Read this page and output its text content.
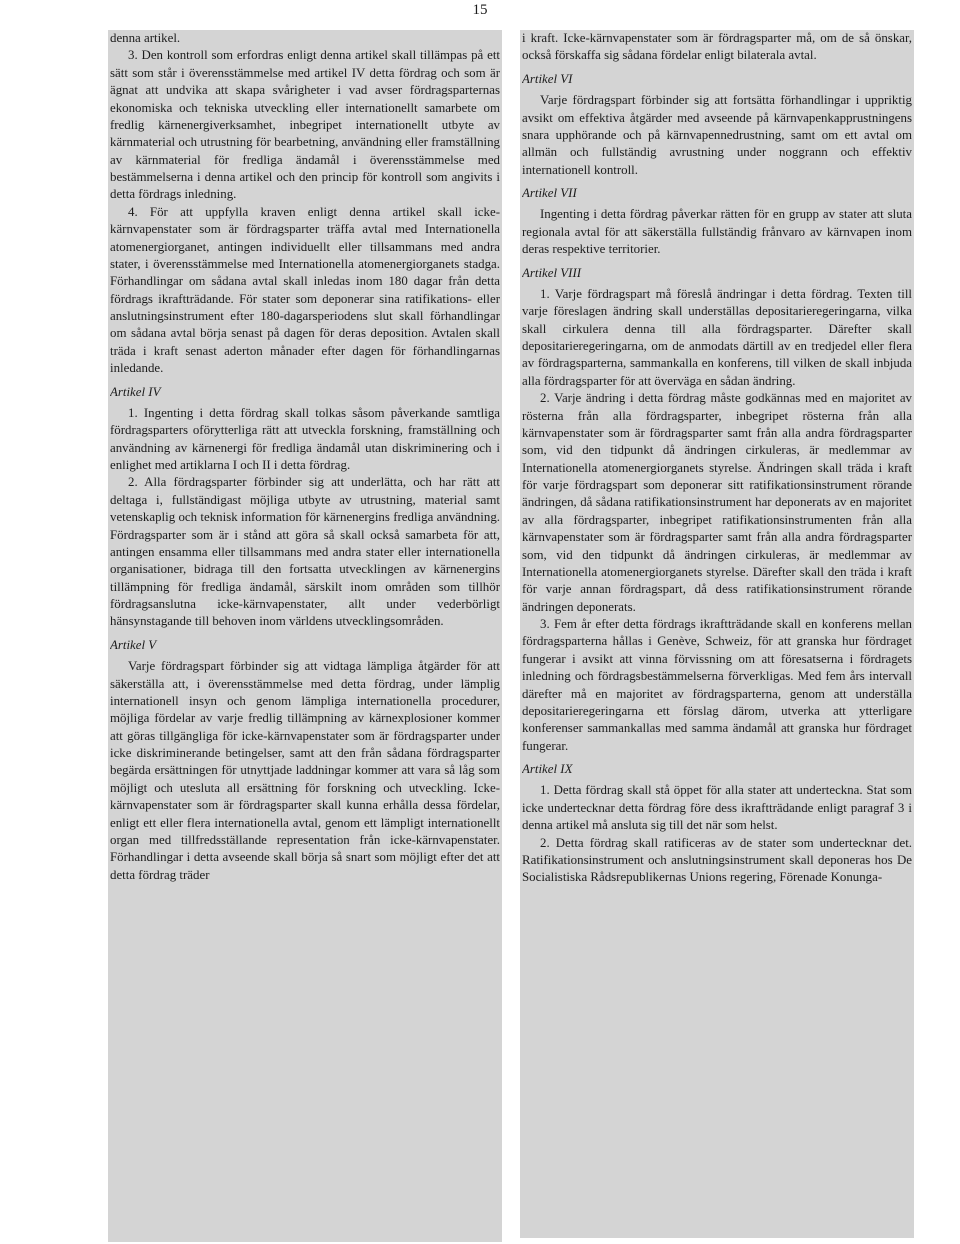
15

denna artikel.

3. Den kontroll som erfordras enligt denna artikel skall tillämpas på ett sätt som står i överensstämmelse med artikel IV detta fördrag och som är ägnat att undvika att skapa svårigheter i vad avser fördragsparternas ekonomiska och tekniska utveckling eller internationellt samarbete om fredlig kärnenergiverksamhet, inbegripet internationellt utbyte av kärnmaterial och utrustning för bearbetning, användning eller framställning av kärnmaterial för fredliga ändamål i överensstämmelse med bestämmelserna i denna artikel och den princip för kontroll som angivits i detta fördrags inledning.

4. För att uppfylla kraven enligt denna artikel skall icke-kärnvapenstater som är fördragsparter träffa avtal med Internationella atomenergiorganet, antingen individuellt eller tillsammans med andra stater, i överensstämmelse med Internationella atomenergiorganets stadga. Förhandlingar om sådana avtal skall inledas inom 180 dagar från detta fördrags ikraftträdande. För stater som deponerar sina ratifikations- eller anslutningsinstrument efter 180-dagarsperiodens slut skall förhandlingar om sådana avtal börja senast på dagen för deras deposition. Avtalen skall träda i kraft senast aderton månader efter dagen för förhandlingarnas inledande.

Artikel IV

1. Ingenting i detta fördrag skall tolkas såsom påverkande samtliga fördragsparters oförytterliga rätt att utveckla forskning, framställning och användning av kärnenergi för fredliga ändamål utan diskriminering och i enlighet med artiklarna I och II i detta fördrag.

2. Alla fördragsparter förbinder sig att underlätta, och har rätt att deltaga i, fullständigast möjliga utbyte av utrustning, material samt vetenskaplig och teknisk information för kärnenergins fredliga användning. Fördragsparter som är i stånd att göra så skall också samarbeta för att, antingen ensamma eller tillsammans med andra stater eller internationella organisationer, bidraga till den fortsatta utvecklingen av kärnenergins tillämpning för fredliga ändamål, särskilt inom områden som tillhör fördragsanslutna icke-kärnvapenstater, allt under vederbörligt hänsynstagande till behoven inom världens utvecklingsområden.

Artikel V

Varje fördragspart förbinder sig att vidtaga lämpliga åtgärder för att säkerställa att, i överensstämmelse med detta fördrag, under lämplig internationell insyn och genom lämpliga internationella procedurer, möjliga fördelar av varje fredlig tillämpning av kärnexplosioner kommer att göras tillgängliga för icke-kärnvapenstater som är fördragsparter under icke diskriminerande betingelser, samt att den från sådana fördragsparter begärda ersättningen för utnyttjade laddningar kommer att vara så låg som möjligt och utesluta all ersättning för forskning och utveckling. Icke-kärnvapenstater som är fördragsparter skall kunna erhålla dessa fördelar, enligt ett eller flera internationella avtal, genom ett lämpligt internationellt organ med tillfredsställande representation från icke-kärnvapenstater. Förhandlingar i detta avseende skall börja så snart som möjligt efter det att detta fördrag träder

i kraft. Icke-kärnvapenstater som är fördragsparter må, om de så önskar, också förskaffa sig sådana fördelar enligt bilaterala avtal.

Artikel VI

Varje fördragspart förbinder sig att fortsätta förhandlingar i uppriktig avsikt om effektiva åtgärder med avseende på kärnvapenkapprustningens snara upphörande och på kärnvapennedrustning, samt om ett avtal om allmän och fullständig avrustning under noggrann och effektiv internationell kontroll.

Artikel VII

Ingenting i detta fördrag påverkar rätten för en grupp av stater att sluta regionala avtal för att säkerställa fullständig frånvaro av kärnvapen inom deras respektive territorier.

Artikel VIII

1. Varje fördragspart må föreslå ändringar i detta fördrag. Texten till varje föreslagen ändring skall underställas depositarieregeringarna, vilka skall cirkulera denna till alla fördragsparter. Därefter skall depositarieregeringarna, om de anmodats därtill av en tredjedel eller flera av fördragsparterna, sammankalla en konferens, till vilken de skall inbjuda alla fördragsparter för att överväga en sådan ändring.

2. Varje ändring i detta fördrag måste godkännas med en majoritet av rösterna från alla fördragsparter, inbegripet rösterna från alla kärnvapenstater som är fördragsparter samt från alla andra fördragsparter som, vid den tidpunkt då ändringen cirkuleras, är medlemmar av Internationella atomenergiorganets styrelse. Ändringen skall träda i kraft för varje fördragspart som deponerar sitt ratifikationsinstrument rörande ändringen, då sådana ratifikationsinstrument har deponerats av en majoritet av alla fördragsparter, inbegripet ratifikationsinstrumenten från alla kärnvapenstater som är fördragsparter samt från alla andra fördragsparter som, vid den tidpunkt då ändringen cirkuleras, är medlemmar av Internationella atomenergiorganets styrelse. Därefter skall den träda i kraft för varje annan fördragspart, då dess ratifikationsinstrument rörande ändringen deponerats.

3. Fem år efter detta fördrags ikraftträdande skall en konferens mellan fördragsparterna hållas i Genève, Schweiz, för att granska hur fördraget fungerar i avsikt att vinna förvissning om att föresatserna i fördragets inledning och fördragsbestämmelserna förverkligas. Med fem års intervall därefter må en majoritet av fördragsparterna, genom att underställa depositarieregeringarna ett förslag därom, utverka att ytterligare konferenser sammankallas med samma ändamål att granska hur fördraget fungerar.

Artikel IX

1. Detta fördrag skall stå öppet för alla stater att underteckna. Stat som icke undertecknar detta fördrag före dess ikraftträdande enligt paragraf 3 i denna artikel må ansluta sig till det när som helst.

2. Detta fördrag skall ratificeras av de stater som undertecknar det. Ratifikationsinstrument och anslutningsinstrument skall deponeras hos De Socialistiska Rådsrepublikernas Unions regering, Förenade Konunga-
